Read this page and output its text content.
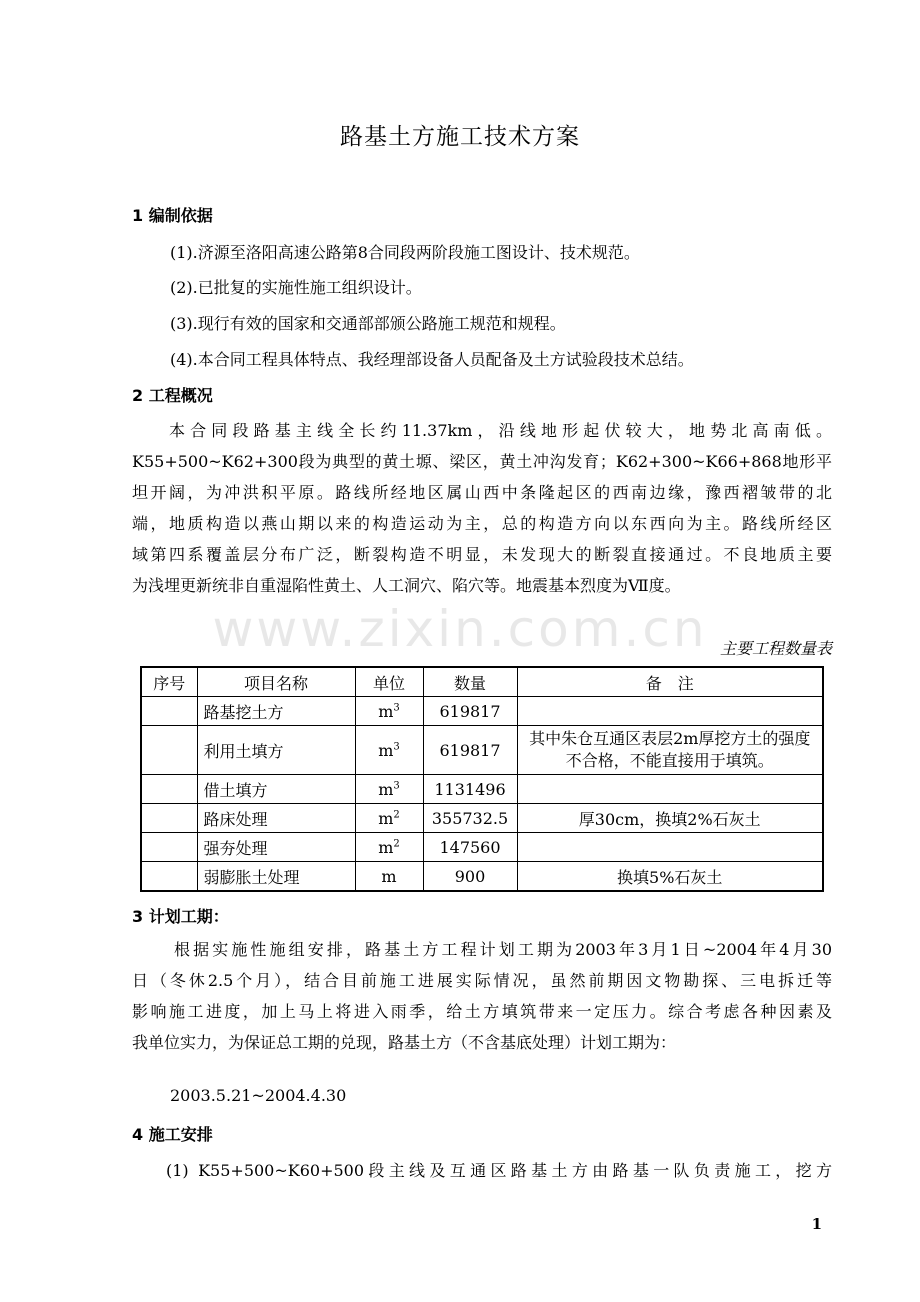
路基土方施工技术方案
1 编制依据
(1).济源至洛阳高速公路第8合同段两阶段施工图设计、技术规范。
(2).已批复的实施性施工组织设计。
(3).现行有效的国家和交通部部颁公路施工规范和规程。
(4).本合同工程具体特点、我经理部设备人员配备及土方试验段技术总结。
2 工程概况
本合同段路基主线全长约11.37km，沿线地形起伏较大，地势北高南低。
K55+500~K62+300段为典型的黄土塬、梁区，黄土冲沟发育；K62+300~K66+868地形平
坦开阔，为冲洪积平原。路线所经地区属山西中条隆起区的西南边缘，豫西褶皱带的北
端，地质构造以燕山期以来的构造运动为主，总的构造方向以东西向为主。路线所经区
域第四系覆盖层分布广泛，断裂构造不明显，未发现大的断裂直接通过。不良地质主要
为浅埋更新统非自重湿陷性黄土、人工洞穴、陷穴等。地震基本烈度为Ⅶ度。
www.zixin.com.cn 主要工程数量表
序号	项目名称	单位	数量	备　注
	路基挖土方	$m^3$	619817	
	利用土填方	$m^3$	619817	其中朱仓互通区表层2m厚挖方土的强度不合格，不能直接用于填筑。
	借土填方	$m^3$	1131496	
	路床处理	$m^2$	355732.5	厚30cm，换填2%石灰土
	强夯处理	$m^2$	147560	
	弱膨胀土处理	m	900	换填5%石灰土
3 计划工期：
根据实施性施组安排，路基土方工程计划工期为2003年3月1日~2004年4月30
日（冬休2.5个月），结合目前施工进展实际情况，虽然前期因文物勘探、三电拆迁等
影响施工进度，加上马上将进入雨季，给土方填筑带来一定压力。综合考虑各种因素及
我单位实力，为保证总工期的兑现，路基土方（不含基底处理）计划工期为：
2003.5.21~2004.4.30
4 施工安排
(1) K55+500~K60+500段主线及互通区路基土方由路基一队负责施工，挖方
1
